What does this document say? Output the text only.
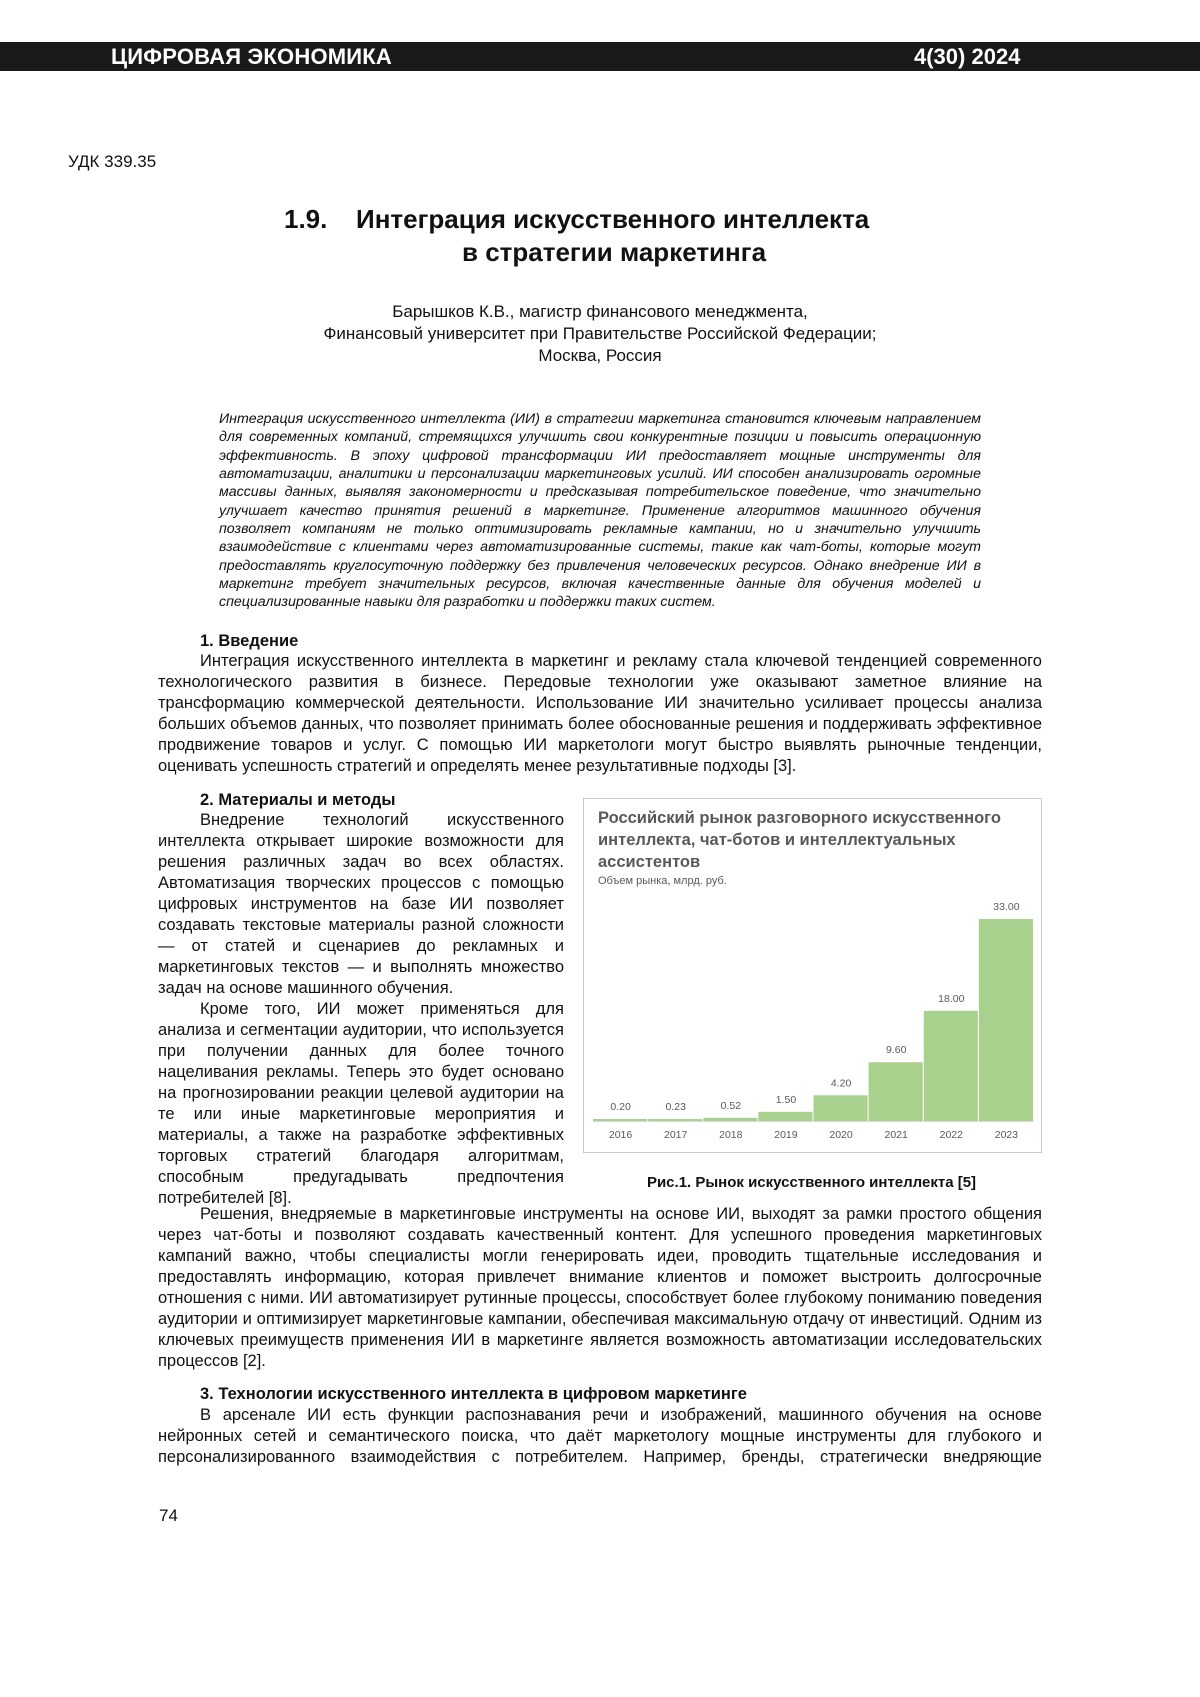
ЦИФРОВАЯ ЭКОНОМИКА	4(30) 2024
УДК 339.35
1.9. Интеграция искусственного интеллекта
в стратегии маркетинга
Барышков К.В., магистр финансового менеджмента,
Финансовый университет при Правительстве Российской Федерации;
Москва, Россия

Интеграция искусственного интеллекта (ИИ) в стратегии маркетинга становится ключевым направлением для современных компаний, стремящихся улучшить свои конкурентные позиции и повысить операционную эффективность. В эпоху цифровой трансформации ИИ предоставляет мощные инструменты для автоматизации, аналитики и персонализации маркетинговых усилий. ИИ способен анализировать огромные массивы данных, выявляя закономерности и предсказывая потребительское поведение, что значительно улучшает качество принятия решений в маркетинге. Применение алгоритмов машинного обучения позволяет компаниям не только оптимизировать рекламные кампании, но и значительно улучшить взаимодействие с клиентами через автоматизированные системы, такие как чат-боты, которые могут предоставлять круглосуточную поддержку без привлечения человеческих ресурсов. Однако внедрение ИИ в маркетинг требует значительных ресурсов, включая качественные данные для обучения моделей и специализированные навыки для разработки и поддержки таких систем.

1. Введение

Интеграция искусственного интеллекта в маркетинг и рекламу стала ключевой тенденцией современного технологического развития в бизнесе. Передовые технологии уже оказывают заметное влияние на трансформацию коммерческой деятельности. Использование ИИ значительно усиливает процессы анализа больших объемов данных, что позволяет принимать более обоснованные решения и поддерживать эффективное продвижение товаров и услуг. С помощью ИИ маркетологи могут быстро выявлять рыночные тенденции, оценивать успешность стратегий и определять менее результативные подходы [3].

2. Материалы и методы

Внедрение технологий искусственного интеллекта открывает широкие возможности для решения различных задач во всех областях. Автоматизация творческих процессов с помощью цифровых инструментов на базе ИИ позволяет создавать текстовые материалы разной сложности — от статей и сценариев до рекламных и маркетинговых текстов — и выполнять множество задач на основе машинного обучения.

Кроме того, ИИ может применяться для анализа и сегментации аудитории, что используется при получении данных для более точного нацеливания рекламы. Теперь это будет основано на прогнозировании реакции целевой аудитории на те или иные маркетинговые мероприятия и материалы, а также на разработке эффективных торговых стратегий благодаря алгоритмам, способным предугадывать предпочтения потребителей [8].

Российский рынок разговорного искусственного
интеллекта, чат-ботов и интеллектуальных
ассистентов
Объем рынка, млрд. руб.
0.20
2016
0.23
2017
0.52
2018
1.50
2019
4.20
2020
9.60
2021
18.00
2022
33.00
2023
Рис.1. Рынок искусственного интеллекта [5]

Решения, внедряемые в маркетинговые инструменты на основе ИИ, выходят за рамки простого общения через чат-боты и позволяют создавать качественный контент. Для успешного проведения маркетинговых кампаний важно, чтобы специалисты могли генерировать идеи, проводить тщательные исследования и предоставлять информацию, которая привлечет внимание клиентов и поможет выстроить долгосрочные отношения с ними. ИИ автоматизирует рутинные процессы, способствует более глубокому пониманию поведения аудитории и оптимизирует маркетинговые кампании, обеспечивая максимальную отдачу от инвестиций. Одним из ключевых преимуществ применения ИИ в маркетинге является возможность автоматизации исследовательских процессов [2].

3. Технологии искусственного интеллекта в цифровом маркетинге

В арсенале ИИ есть функции распознавания речи и изображений, машинного обучения на основе нейронных сетей и семантического поиска, что даёт маркетологу мощные инструменты для глубокого и персонализированного взаимодействия с потребителем. Например, бренды, стратегически внедряющие

74
